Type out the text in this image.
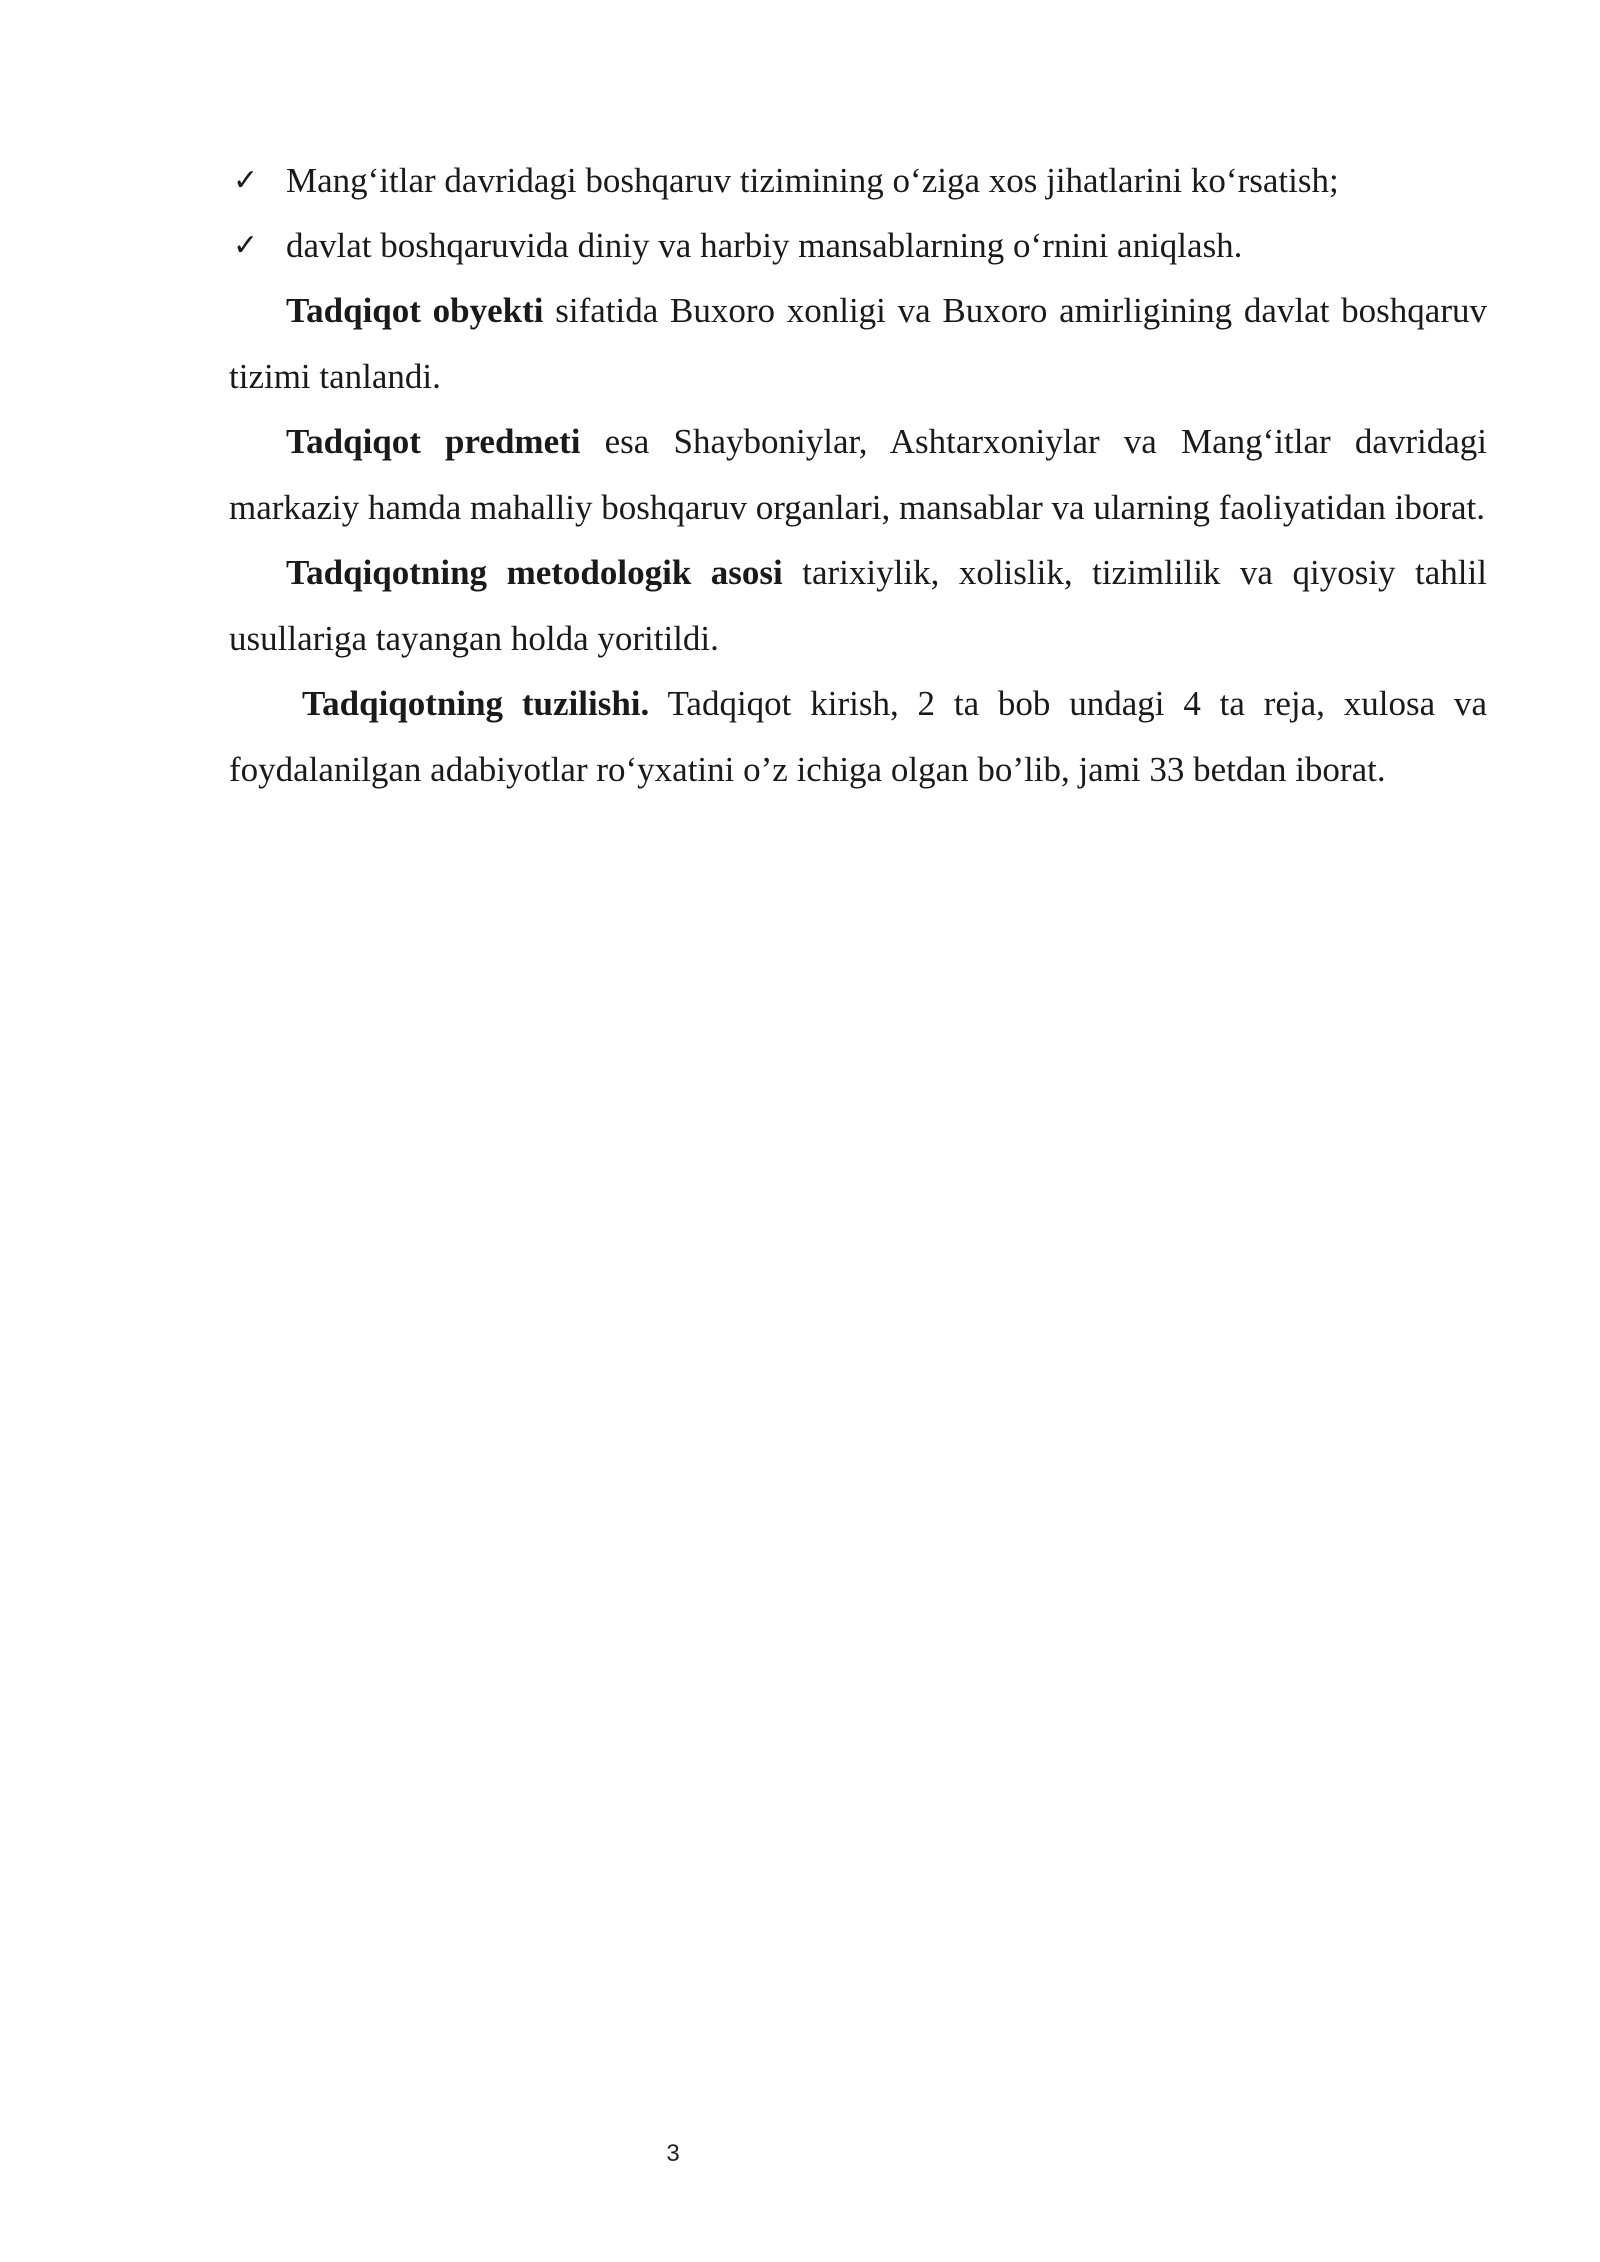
✓ Mang‘itlar davridagi boshqaruv tizimining o‘ziga xos jihatlarini ko‘rsatish;
✓ davlat boshqaruvida diniy va harbiy mansablarning o‘rnini aniqlash.

Tadqiqot obyekti sifatida Buxoro xonligi va Buxoro amirligining davlat boshqaruv tizimi tanlandi.

Tadqiqot predmeti esa Shayboniylar, Ashtarxoniylar va Mang‘itlar davridagi markaziy hamda mahalliy boshqaruv organlari, mansablar va ularning faoliyatidan iborat.

Tadqiqotning metodologik asosi tarixiylik, xolislik, tizimlilik va qiyosiy tahlil usullariga tayangan holda yoritildi.

Tadqiqotning tuzilishi. Tadqiqot kirish, 2 ta bob undagi 4 ta reja, xulosa va foydalanilgan adabiyotlar ro‘yxatini o’z ichiga olgan bo’lib, jami 33 betdan iborat.

3
